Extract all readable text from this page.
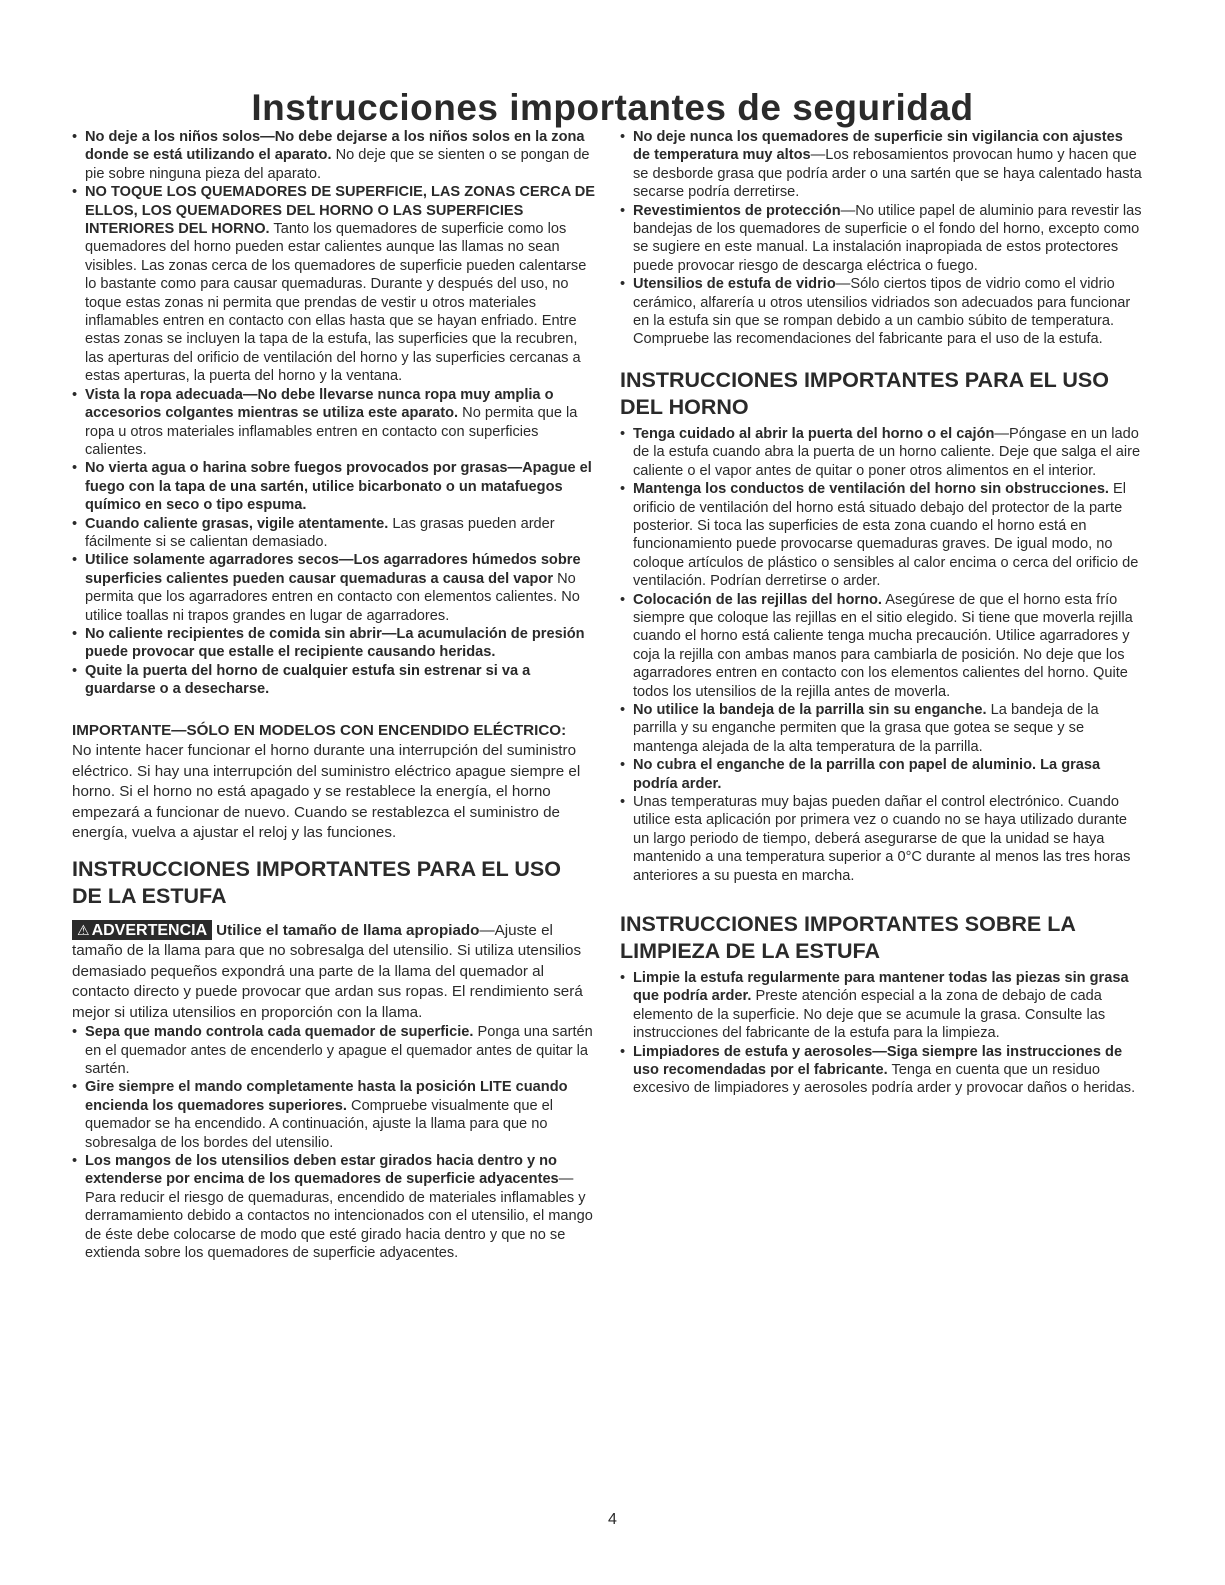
Instrucciones importantes de seguridad
• No deje a los niños solos—No debe dejarse a los niños solos en la zona donde se está utilizando el aparato. No deje que se sienten o se pongan de pie sobre ninguna pieza del aparato.
• NO TOQUE LOS QUEMADORES DE SUPERFICIE, LAS ZONAS CERCA DE ELLOS, LOS QUEMADORES DEL HORNO O LAS SUPERFICIES INTERIORES DEL HORNO. Tanto los quemadores de superficie como los quemadores del horno pueden estar calientes aunque las llamas no sean visibles. Las zonas cerca de los quemadores de superficie pueden calentarse lo bastante como para causar quemaduras. Durante y después del uso, no toque estas zonas ni permita que prendas de vestir u otros materiales inflamables entren en contacto con ellas hasta que se hayan enfriado. Entre estas zonas se incluyen la tapa de la estufa, las superficies que la recubren, las aperturas del orificio de ventilación del horno y las superficies cercanas a estas aperturas, la puerta del horno y la ventana.
• Vista la ropa adecuada—No debe llevarse nunca ropa muy amplia o accesorios colgantes mientras se utiliza este aparato. No permita que la ropa u otros materiales inflamables entren en contacto con superficies calientes.
• No vierta agua o harina sobre fuegos provocados por grasas—Apague el fuego con la tapa de una sartén, utilice bicarbonato o un matafuegos químico en seco o tipo espuma.
• Cuando caliente grasas, vigile atentamente. Las grasas pueden arder fácilmente si se calientan demasiado.
• Utilice solamente agarradores secos—Los agarradores húmedos sobre superficies calientes pueden causar quemaduras a causa del vapor No permita que los agarradores entren en contacto con elementos calientes. No utilice toallas ni trapos grandes en lugar de agarradores.
• No caliente recipientes de comida sin abrir—La acumulación de presión puede provocar que estalle el recipiente causando heridas.
• Quite la puerta del horno de cualquier estufa sin estrenar si va a guardarse o a desecharse.

IMPORTANTE—SÓLO EN MODELOS CON ENCENDIDO ELÉCTRICO:
No intente hacer funcionar el horno durante una interrupción del suministro eléctrico. Si hay una interrupción del suministro eléctrico apague siempre el horno. Si el horno no está apagado y se restablece la energía, el horno empezará a funcionar de nuevo. Cuando se restablezca el suministro de energía, vuelva a ajustar el reloj y las funciones.

INSTRUCCIONES IMPORTANTES PARA EL USO DE LA ESTUFA

⚠ ADVERTENCIA Utilice el tamaño de llama apropiado—Ajuste el tamaño de la llama para que no sobresalga del utensilio. Si utiliza utensilios demasiado pequeños expondrá una parte de la llama del quemador al contacto directo y puede provocar que ardan sus ropas. El rendimiento será mejor si utiliza utensilios en proporción con la llama.

• Sepa que mando controla cada quemador de superficie. Ponga una sartén en el quemador antes de encenderlo y apague el quemador antes de quitar la sartén.
• Gire siempre el mando completamente hasta la posición LITE cuando encienda los quemadores superiores. Compruebe visualmente que el quemador se ha encendido. A continuación, ajuste la llama para que no sobresalga de los bordes del utensilio.
• Los mangos de los utensilios deben estar girados hacia dentro y no extenderse por encima de los quemadores de superficie adyacentes—Para reducir el riesgo de quemaduras, encendido de materiales inflamables y derramamiento debido a contactos no intencionados con el utensilio, el mango de éste debe colocarse de modo que esté girado hacia dentro y que no se extienda sobre los quemadores de superficie adyacentes.
• No deje nunca los quemadores de superficie sin vigilancia con ajustes de temperatura muy altos—Los rebosamientos provocan humo y hacen que se desborde grasa que podría arder o una sartén que se haya calentado hasta secarse podría derretirse.
• Revestimientos de protección—No utilice papel de aluminio para revestir las bandejas de los quemadores de superficie o el fondo del horno, excepto como se sugiere en este manual. La instalación inapropiada de estos protectores puede provocar riesgo de descarga eléctrica o fuego.
• Utensilios de estufa de vidrio—Sólo ciertos tipos de vidrio como el vidrio cerámico, alfarería u otros utensilios vidriados son adecuados para funcionar en la estufa sin que se rompan debido a un cambio súbito de temperatura. Compruebe las recomendaciones del fabricante para el uso de la estufa.
INSTRUCCIONES IMPORTANTES PARA EL USO DEL HORNO
• Tenga cuidado al abrir la puerta del horno o el cajón—Póngase en un lado de la estufa cuando abra la puerta de un horno caliente. Deje que salga el aire caliente o el vapor antes de quitar o poner otros alimentos en el interior.
• Mantenga los conductos de ventilación del horno sin obstrucciones. El orificio de ventilación del horno está situado debajo del protector de la parte posterior. Si toca las superficies de esta zona cuando el horno está en funcionamiento puede provocarse quemaduras graves. De igual modo, no coloque artículos de plástico o sensibles al calor encima o cerca del orificio de ventilación. Podrían derretirse o arder.
• Colocación de las rejillas del horno. Asegúrese de que el horno esta frío siempre que coloque las rejillas en el sitio elegido. Si tiene que moverla rejilla cuando el horno está caliente tenga mucha precaución. Utilice agarradores y coja la rejilla con ambas manos para cambiarla de posición. No deje que los agarradores entren en contacto con los elementos calientes del horno. Quite todos los utensilios de la rejilla antes de moverla.
• No utilice la bandeja de la parrilla sin su enganche. La bandeja de la parrilla y su enganche permiten que la grasa que gotea se seque y se mantenga alejada de la alta temperatura de la parrilla.
• No cubra el enganche de la parrilla con papel de aluminio. La grasa podría arder.
• Unas temperaturas muy bajas pueden dañar el control electrónico. Cuando utilice esta aplicación por primera vez o cuando no se haya utilizado durante un largo periodo de tiempo, deberá asegurarse de que la unidad se haya mantenido a una temperatura superior a 0°C durante al menos las tres horas anteriores a su puesta en marcha.
INSTRUCCIONES IMPORTANTES SOBRE LA LIMPIEZA DE LA ESTUFA
• Limpie la estufa regularmente para mantener todas las piezas sin grasa que podría arder. Preste atención especial a la zona de debajo de cada elemento de la superficie. No deje que se acumule la grasa. Consulte las instrucciones del fabricante de la estufa para la limpieza.
• Limpiadores de estufa y aerosoles—Siga siempre las instrucciones de uso recomendadas por el fabricante. Tenga en cuenta que un residuo excesivo de limpiadores y aerosoles podría arder y provocar daños o heridas.
4
